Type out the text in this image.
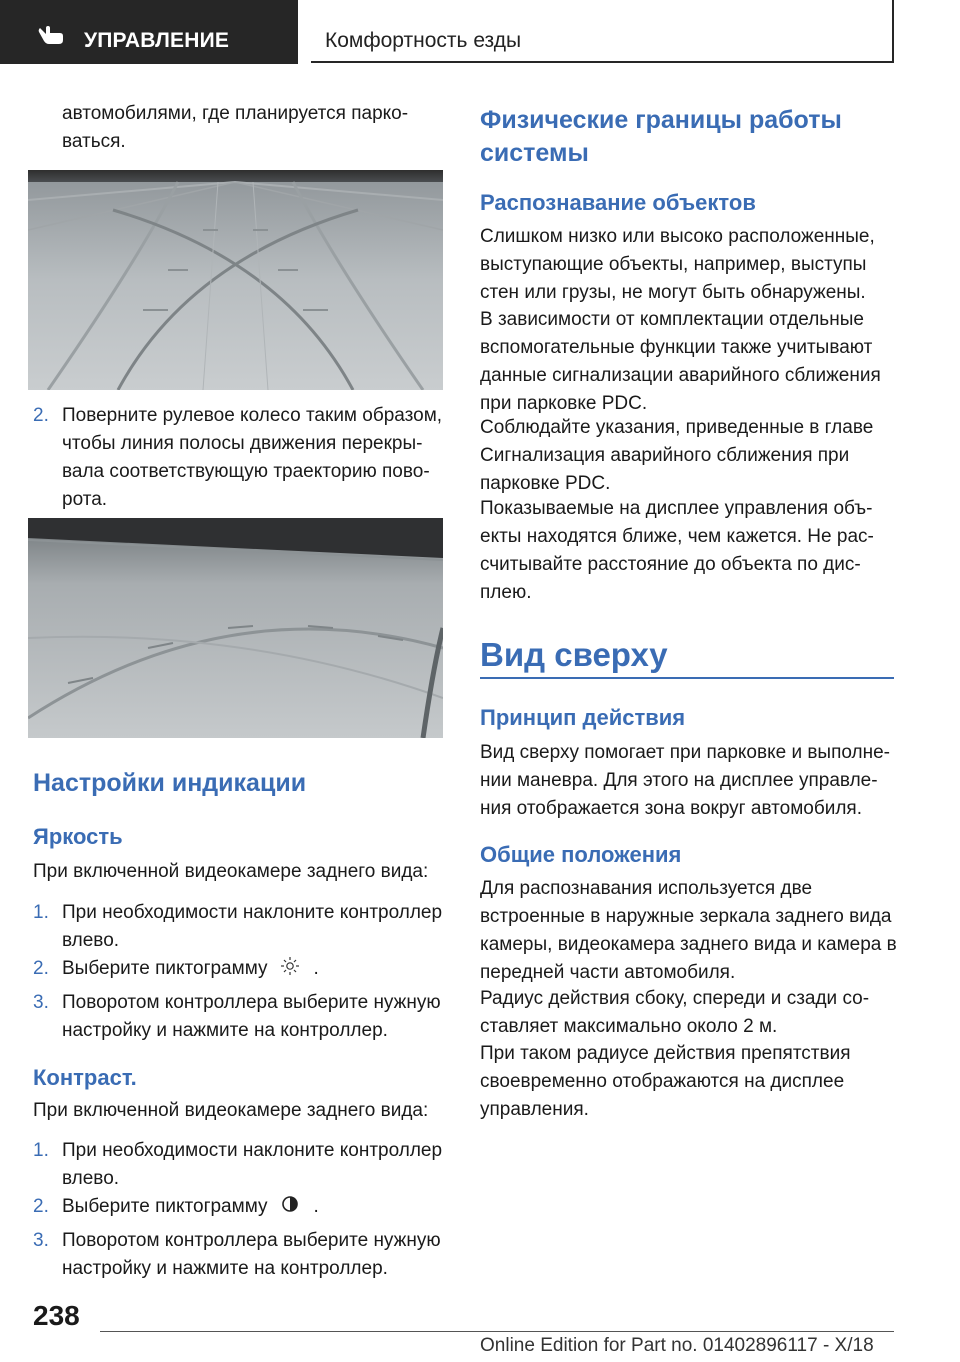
УПРАВЛЕНИЕ	Комфортность езды
автомобилями, где планируется парко-
ваться.
2. Поверните рулевое колесо таким образом,
чтобы линия полосы движения перекры-
вала соответствующую траекторию пово-
рота.
Настройки индикации
Яркость
При включенной видеокамере заднего вида:
1. При необходимости наклоните контроллер
влево.
2. Выберите пиктограмму .
3. Поворотом контроллера выберите нужную
настройку и нажмите на контроллер.
Контраст.
При включенной видеокамере заднего вида:
1. При необходимости наклоните контроллер
влево.
2. Выберите пиктограмму .
3. Поворотом контроллера выберите нужную
настройку и нажмите на контроллер.
Физические границы работы
системы
Распознавание объектов
Слишком низко или высоко расположенные,
выступающие объекты, например, выступы
стен или грузы, не могут быть обнаружены.
В зависимости от комплектации отдельные
вспомогательные функции также учитывают
данные сигнализации аварийного сближения
при парковке PDC.
Соблюдайте указания, приведенные в главе
Сигнализация аварийного сближения при
парковке PDC.
Показываемые на дисплее управления объ-
екты находятся ближе, чем кажется. Не рас-
считывайте расстояние до объекта по дис-
плею.
Вид сверху
Принцип действия
Вид сверху помогает при парковке и выполне-
нии маневра. Для этого на дисплее управле-
ния отображается зона вокруг автомобиля.
Общие положения
Для распознавания используется две
встроенные в наружные зеркала заднего вида
камеры, видеокамера заднего вида и камера в
передней части автомобиля.
Радиус действия сбоку, спереди и сзади со-
ставляет максимально около 2 м.
При таком радиусе действия препятствия
своевременно отображаются на дисплее
управления.
238
Online Edition for Part no. 01402896117 - X/18
